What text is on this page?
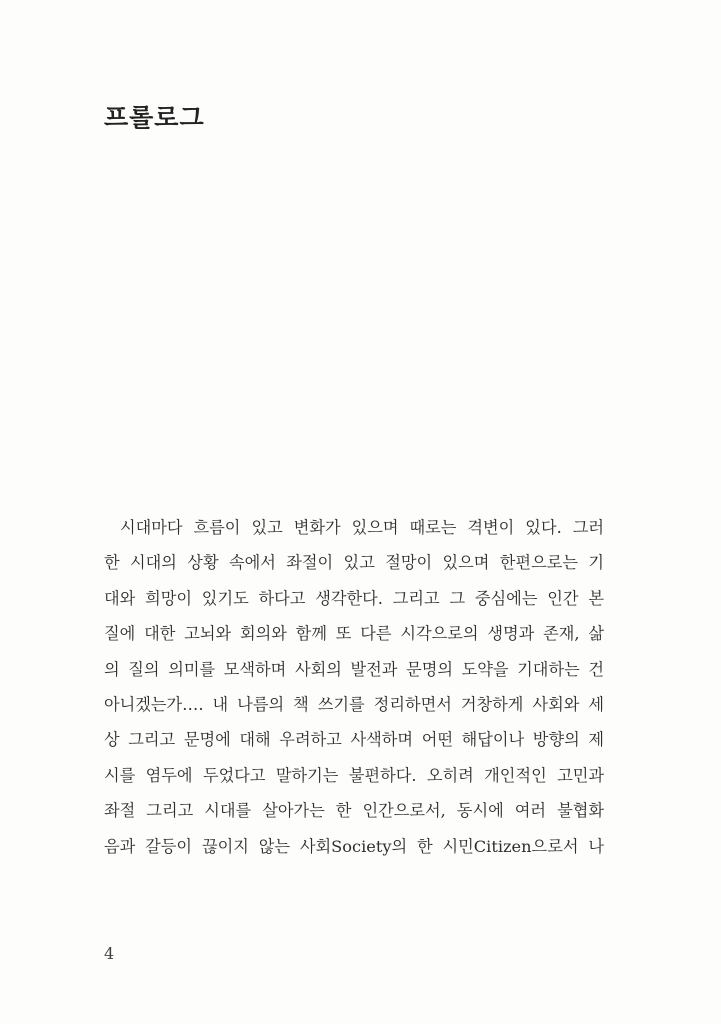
프롤로그
시대마다 흐름이 있고 변화가 있으며 때로는 격변이 있다. 그러
한 시대의 상황 속에서 좌절이 있고 절망이 있으며 한편으로는 기
대와 희망이 있기도 하다고 생각한다. 그리고 그 중심에는 인간 본
질에 대한 고뇌와 회의와 함께 또 다른 시각으로의 생명과 존재, 삶
의 질의 의미를 모색하며 사회의 발전과 문명의 도약을 기대하는 건
아니겠는가…. 내 나름의 책 쓰기를 정리하면서 거창하게 사회와 세
상 그리고 문명에 대해 우려하고 사색하며 어떤 해답이나 방향의 제
시를 염두에 두었다고 말하기는 불편하다. 오히려 개인적인 고민과
좌절 그리고 시대를 살아가는 한 인간으로서, 동시에 여러 불협화
음과 갈등이 끊이지 않는 사회Society의 한 시민Citizen으로서 나
4
